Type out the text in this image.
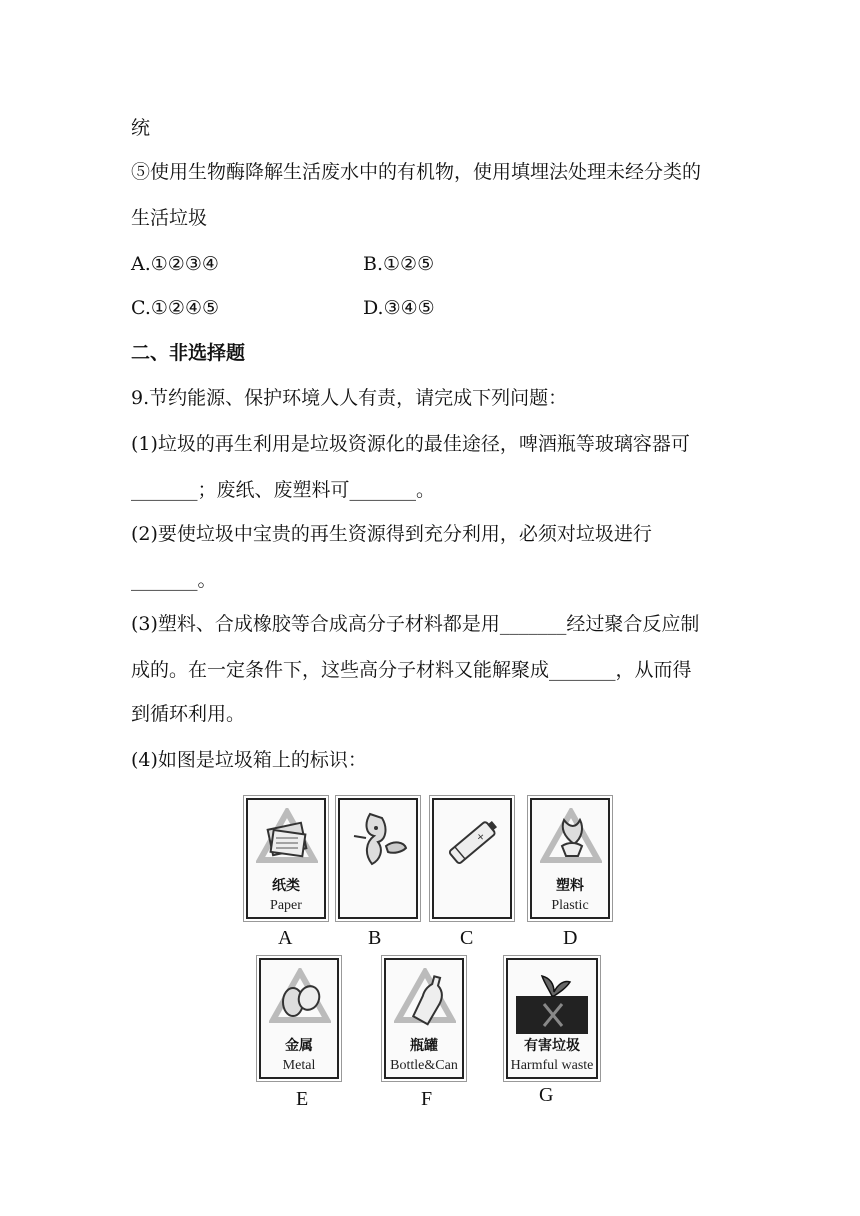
统
⑤使用生物酶降解生活废水中的有机物，使用填埋法处理未经分类的
生活垃圾
A.①②③④	B.①②⑤
C.①②④⑤	D.③④⑤
二、非选择题
9.节约能源、保护环境人人有责，请完成下列问题：
(1)垃圾的再生利用是垃圾资源化的最佳途径，啤酒瓶等玻璃容器可
_______；废纸、废塑料可_______。
(2)要使垃圾中宝贵的再生资源得到充分利用，必须对垃圾进行
_______。
(3)塑料、合成橡胶等合成高分子材料都是用_______经过聚合反应制
成的。在一定条件下，这些高分子材料又能解聚成_______，从而得
到循环利用。
(4)如图是垃圾箱上的标识：
纸类
Paper
A	B
+
C
塑料
Plastic
D
金属
Metal
E
瓶罐
Bottle&Can
F
有害垃圾
Harmful waste
G
